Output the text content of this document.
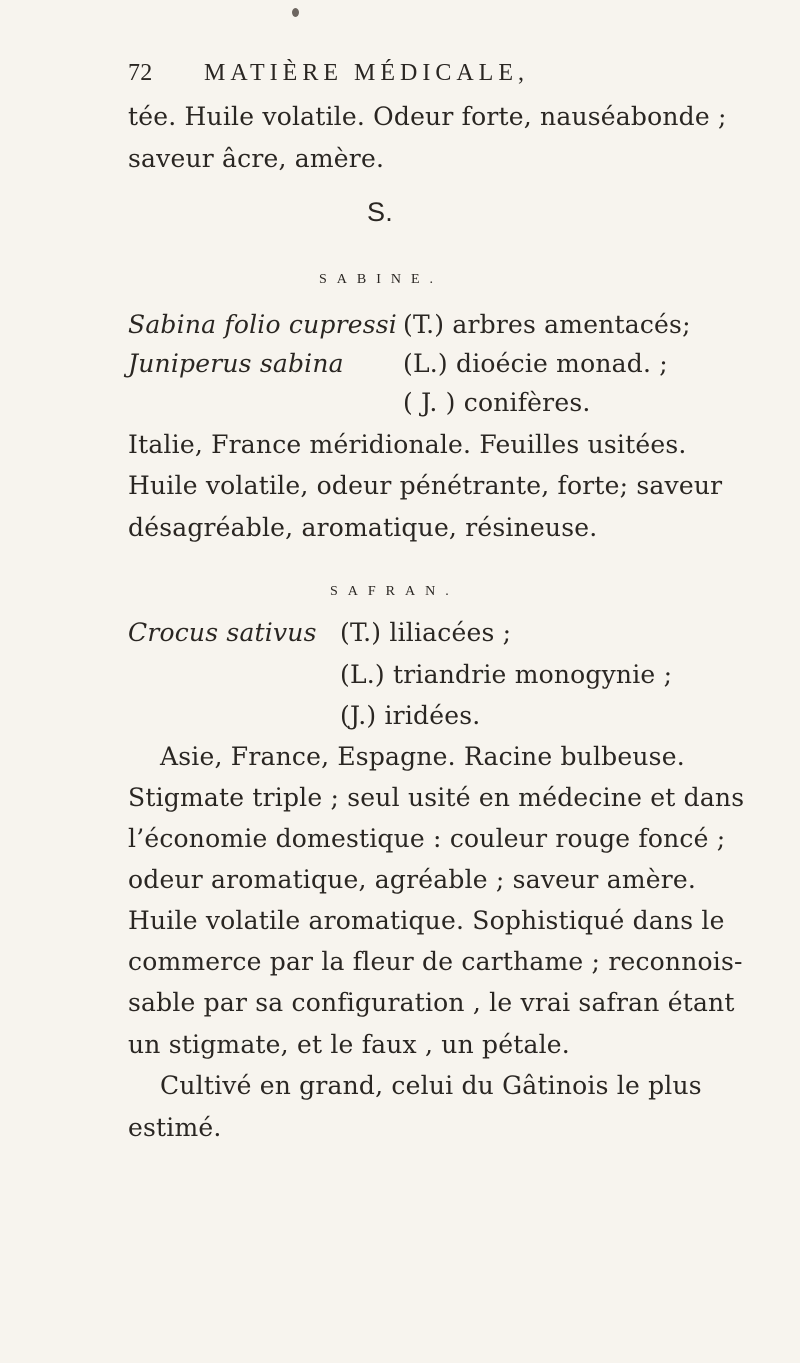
72 MATIÈRE MÉDICALE,
tée. Huile volatile. Odeur forte, nauséabonde ;
saveur âcre, amère.
S.
SABINE.
Sabina folio cupressi (T.) arbres amentacés;
Juniperus sabina (L.) dioécie monad. ;
( J. ) conifères.
Italie, France méridionale. Feuilles usitées.
Huile volatile, odeur pénétrante, forte; saveur
désagréable, aromatique, résineuse.
SAFRAN.
Crocus sativus (T.) liliacées ;
(L.) triandrie monogynie ;
(J.) iridées.
Asie, France, Espagne. Racine bulbeuse.
Stigmate triple ; seul usité en médecine et dans
l’économie domestique : couleur rouge foncé ;
odeur aromatique, agréable ; saveur amère.
Huile volatile aromatique. Sophistiqué dans le
commerce par la fleur de carthame ; reconnois-
sable par sa configuration , le vrai safran étant
un stigmate, et le faux , un pétale.
Cultivé en grand, celui du Gâtinois le plus
estimé.
